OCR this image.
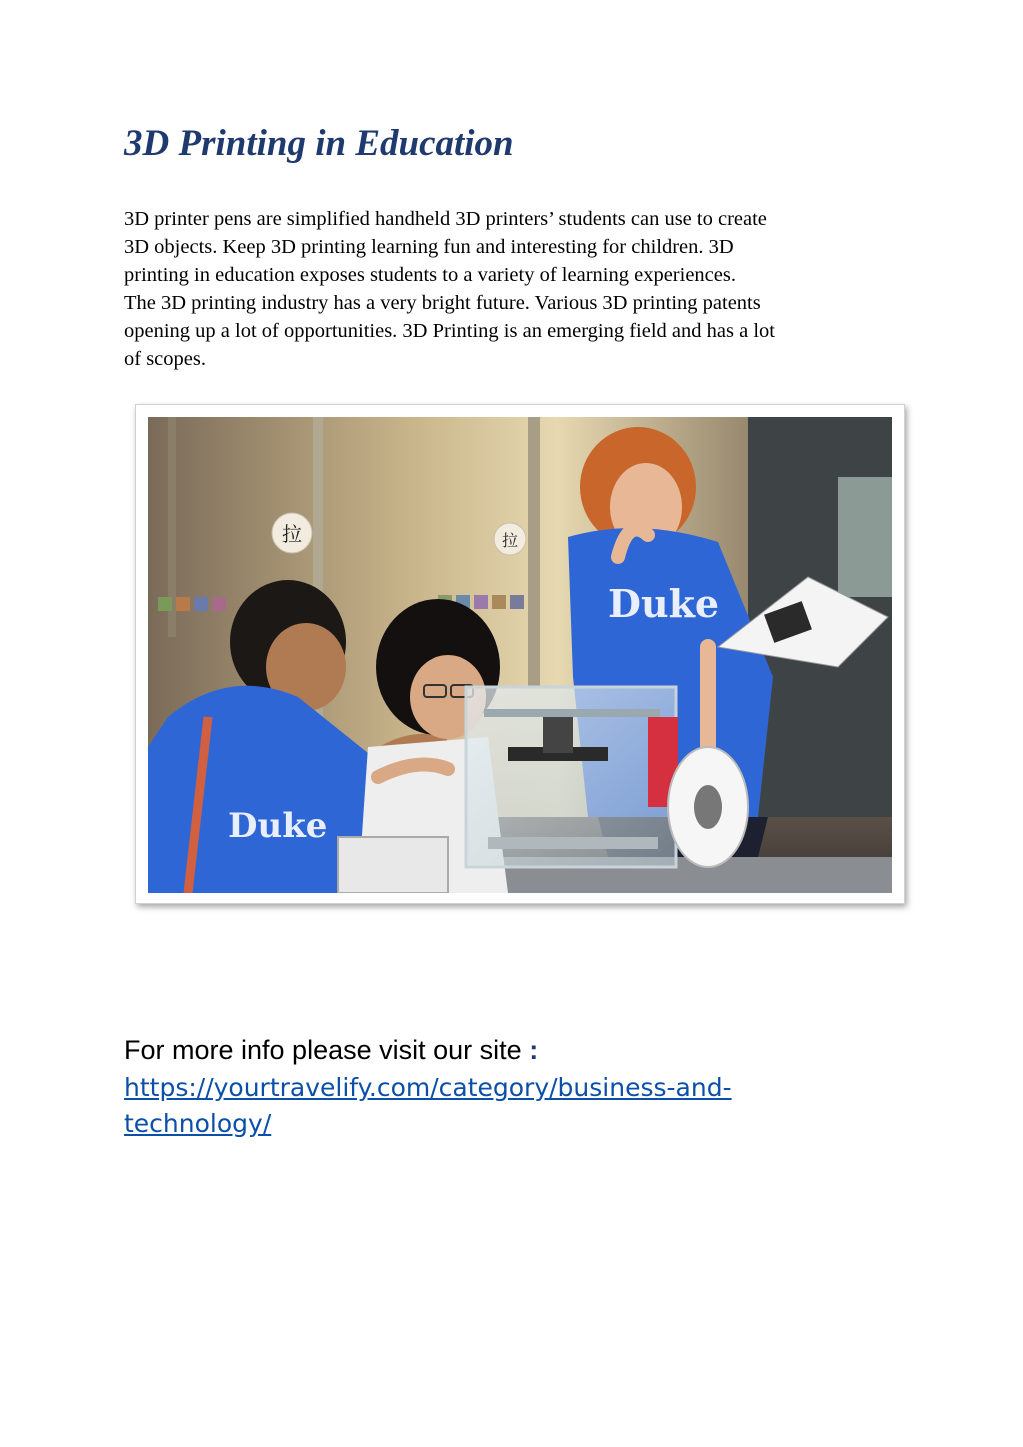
3D Printing in Education
3D printer pens are simplified handheld 3D printers’ students can use to create
3D objects. Keep 3D printing learning fun and interesting for children. 3D
printing in education exposes students to a variety of learning experiences.
The 3D printing industry has a very bright future. Various 3D printing patents
opening up a lot of opportunities. 3D Printing is an emerging field and has a lot
of scopes.
拉	拉
Duke
Duke
For more info please visit our site :
https://yourtravelify.com/category/business-and-
technology/
